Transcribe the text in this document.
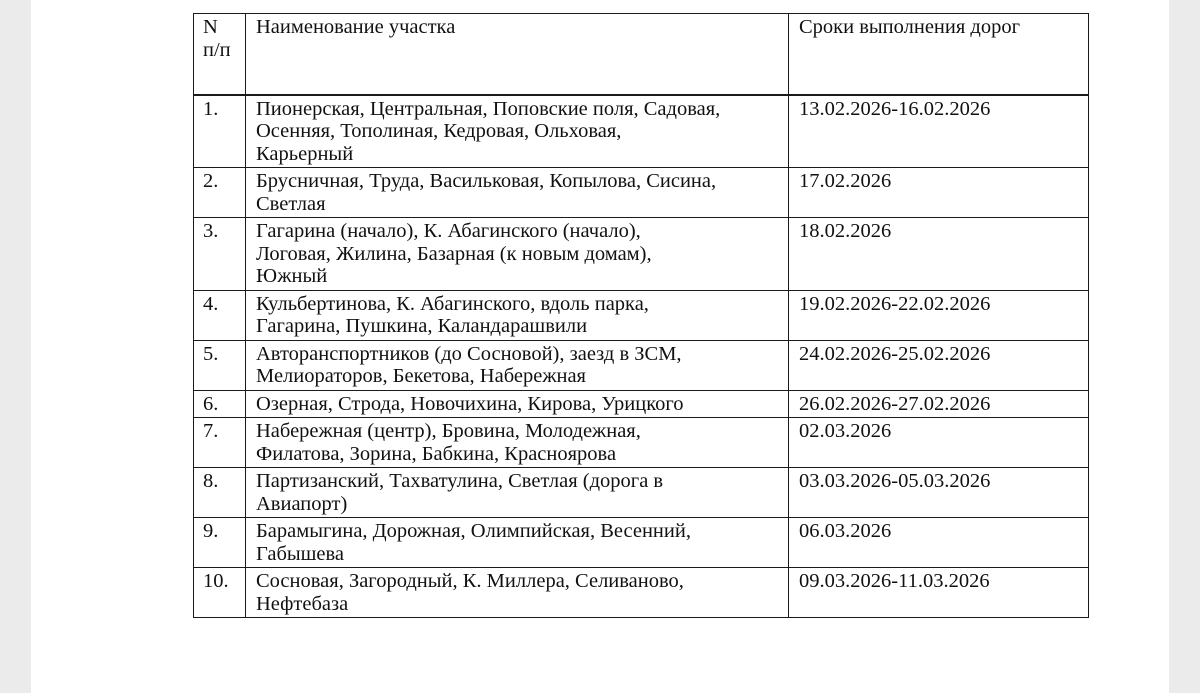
N
п/п	Наименование участка	Сроки выполнения дорог

1.	Пионерская, Центральная, Поповские поля, Садовая,
Осенняя, Тополиная, Кедровая, Ольховая,
Карьерный	13.02.2026-16.02.2026

2.	Брусничная, Труда, Васильковая, Копылова, Сисина,
Светлая	17.02.2026

3.	Гагарина (начало), К. Абагинского (начало),
Логовая, Жилина, Базарная (к новым домам),
Южный	18.02.2026

4.	Кульбертинова, К. Абагинского, вдоль парка,
Гагарина, Пушкина, Каландарашвили	19.02.2026-22.02.2026

5.	Авторанспортников (до Сосновой), заезд в ЗСМ,
Мелиораторов, Бекетова, Набережная	24.02.2026-25.02.2026

6.	Озерная, Строда, Новочихина, Кирова, Урицкого	26.02.2026-27.02.2026

7.	Набережная (центр), Бровина, Молодежная,
Филатова, Зорина, Бабкина, Краснoярова	02.03.2026

8.	Партизанский, Тахватулина, Светлая (дорога в
Авиапорт)	03.03.2026-05.03.2026

9.	Барамыгина, Дорожная, Олимпийская, Весенний,
Габышева	06.03.2026

10.	Сосновая, Загородный, К. Миллера, Селиваново,
Нефтебаза	09.03.2026-11.03.2026
